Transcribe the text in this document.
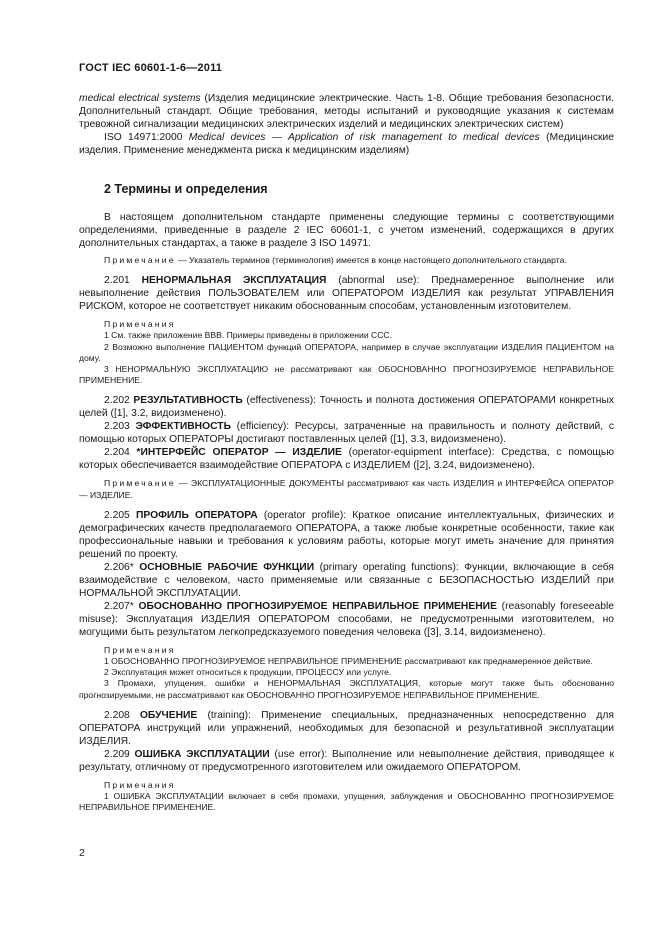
ГОСТ IEC 60601-1-6—2011

medical electrical systems (Изделия медицинские электрические. Часть 1-8. Общие требования безопасности. Дополнительный стандарт. Общие требования, методы испытаний и руководящие указания к системам тревожной сигнализации медицинских электрических изделий и медицинских электрических систем)

ISO 14971:2000 Medical devices — Application of risk management to medical devices (Медицинские изделия. Применение менеджмента риска к медицинским изделиям)

2 Термины и определения

В настоящем дополнительном стандарте применены следующие термины с соответствующими определениями, приведенные в разделе 2 IEC 60601-1, с учетом изменений, содержащихся в других дополнительных стандартах, а также в разделе 3 ISO 14971.

Примечание — Указатель терминов (терминология) имеется в конце настоящего дополнительного стандарта.

2.201 НЕНОРМАЛЬНАЯ ЭКСПЛУАТАЦИЯ (abnormal use): Преднамеренное выполнение или невыполнение действия ПОЛЬЗОВАТЕЛЕМ или ОПЕРАТОРОМ ИЗДЕЛИЯ как результат УПРАВЛЕНИЯ РИСКОМ, которое не соответствует никаким обоснованным способам, установленным изготовителем.

Примечания

1 См. также приложение ВВВ. Примеры приведены в приложении ССС.

2 Возможно выполнение ПАЦИЕНТОМ функций ОПЕРАТОРА, например в случае эксплуатации ИЗДЕЛИЯ ПАЦИЕНТОМ на дому.

3 НЕНОРМАЛЬНУЮ ЭКСПЛУАТАЦИЮ не рассматривают как ОБОСНОВАННО ПРОГНОЗИРУЕМОЕ НЕПРАВИЛЬНОЕ ПРИМЕНЕНИЕ.

2.202 РЕЗУЛЬТАТИВНОСТЬ (effectiveness): Точность и полнота достижения ОПЕРАТОРАМИ конкретных целей ([1], 3.2, видоизменено).

2.203 ЭФФЕКТИВНОСТЬ (efficiency): Ресурсы, затраченные на правильность и полноту действий, с помощью которых ОПЕРАТОРЫ достигают поставленных целей ([1], 3.3, видоизменено).

2.204 *ИНТЕРФЕЙС ОПЕРАТОР — ИЗДЕЛИЕ (operator-equipment interface): Средства, с помощью которых обеспечивается взаимодействие ОПЕРАТОРА с ИЗДЕЛИЕМ ([2], 3.24, видоизменено).

Примечание — ЭКСПЛУАТАЦИОННЫЕ ДОКУМЕНТЫ рассматривают как часть ИЗДЕЛИЯ и ИНТЕРФЕЙСА ОПЕРАТОР — ИЗДЕЛИЕ.

2.205 ПРОФИЛЬ ОПЕРАТОРА (operator profile): Краткое описание интеллектуальных, физических и демографических качеств предполагаемого ОПЕРАТОРА, а также любые конкретные особенности, такие как профессиональные навыки и требования к условиям работы, которые могут иметь значение для принятия решений по проекту.

2.206* ОСНОВНЫЕ РАБОЧИЕ ФУНКЦИИ (primary operating functions): Функции, включающие в себя взаимодействие с человеком, часто применяемые или связанные с БЕЗОПАСНОСТЬЮ ИЗДЕЛИЙ при НОРМАЛЬНОЙ ЭКСПЛУАТАЦИИ.

2.207* ОБОСНОВАННО ПРОГНОЗИРУЕМОЕ НЕПРАВИЛЬНОЕ ПРИМЕНЕНИЕ (reasonably foreseeable misuse): Эксплуатация ИЗДЕЛИЯ ОПЕРАТОРОМ способами, не предусмотренными изготовителем, но могущими быть результатом легкопредсказуемого поведения человека ([3], 3.14, видоизменено).

Примечания

1 ОБОСНОВАННО ПРОГНОЗИРУЕМОЕ НЕПРАВИЛЬНОЕ ПРИМЕНЕНИЕ рассматривают как преднамеренное действие.

2 Эксплуатация может относиться к продукции, ПРОЦЕССУ или услуге.

3 Промахи, упущения, ошибки и НЕНОРМАЛЬНАЯ ЭКСПЛУАТАЦИЯ, которые могут также быть обоснованно прогнозируемыми, не рассматривают как ОБОСНОВАННО ПРОГНОЗИРУЕМОЕ НЕПРАВИЛЬНОЕ ПРИМЕНЕНИЕ.

2.208 ОБУЧЕНИЕ (training): Применение специальных, предназначенных непосредственно для ОПЕРАТОРА инструкций или упражнений, необходимых для безопасной и результативной эксплуатации ИЗДЕЛИЯ.

2.209 ОШИБКА ЭКСПЛУАТАЦИИ (use error): Выполнение или невыполнение действия, приводящее к результату, отличному от предусмотренного изготовителем или ожидаемого ОПЕРАТОРОМ.

Примечания

1 ОШИБКА ЭКСПЛУАТАЦИИ включает в себя промахи, упущения, заблуждения и ОБОСНОВАННО ПРОГНОЗИРУЕМОЕ НЕПРАВИЛЬНОЕ ПРИМЕНЕНИЕ.

2
